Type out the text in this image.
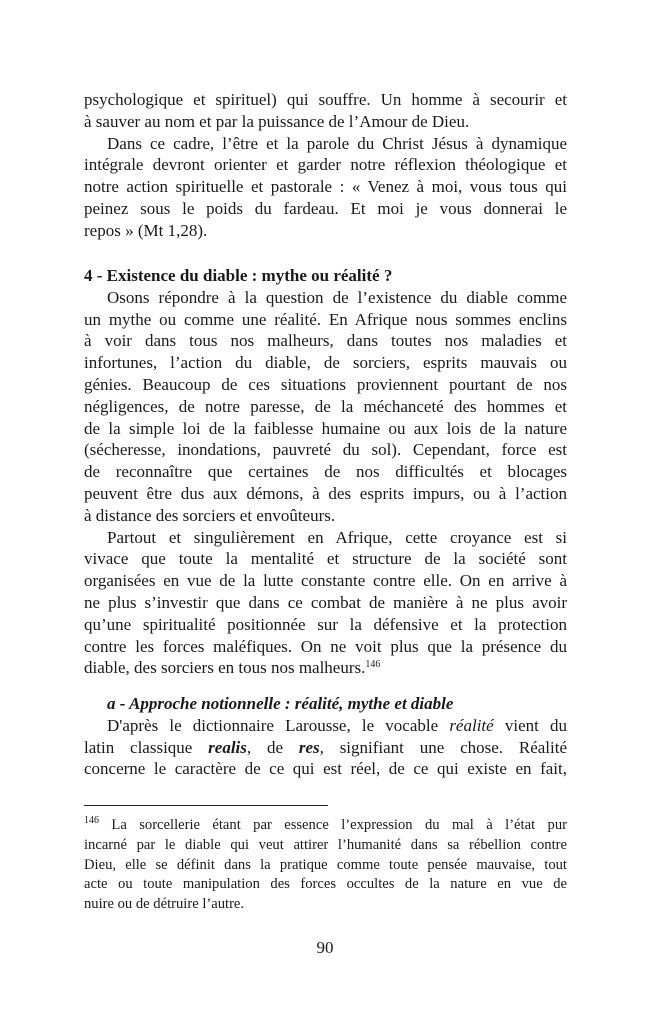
psychologique et spirituel) qui souffre. Un homme à secourir et
à sauver au nom et par la puissance de l’Amour de Dieu.
Dans ce cadre, l’être et la parole du Christ Jésus à dynamique
intégrale devront orienter et garder notre réflexion théologique et
notre action spirituelle et pastorale : « Venez à moi, vous tous qui
peinez sous le poids du fardeau. Et moi je vous donnerai le
repos » (Mt 1,28).
4 - Existence du diable : mythe ou réalité ?
Osons répondre à la question de l’existence du diable comme
un mythe ou comme une réalité. En Afrique nous sommes enclins
à voir dans tous nos malheurs, dans toutes nos maladies et
infortunes, l’action du diable, de sorciers, esprits mauvais ou
génies. Beaucoup de ces situations proviennent pourtant de nos
négligences, de notre paresse, de la méchanceté des hommes et
de la simple loi de la faiblesse humaine ou aux lois de la nature
(sécheresse, inondations, pauvreté du sol). Cependant, force est
de reconnaître que certaines de nos difficultés et blocages
peuvent être dus aux démons, à des esprits impurs, ou à l’action
à distance des sorciers et envoûteurs.
Partout et singulièrement en Afrique, cette croyance est si
vivace que toute la mentalité et structure de la société sont
organisées en vue de la lutte constante contre elle. On en arrive à
ne plus s’investir que dans ce combat de manière à ne plus avoir
qu’une spiritualité positionnée sur la défensive et la protection
contre les forces maléfiques. On ne voit plus que la présence du
diable, des sorciers en tous nos malheurs.$^{146}$
a - Approche notionnelle : réalité, mythe et diable
D'après le dictionnaire Larousse, le vocable réalité vient du
latin classique realis, de res, signifiant une chose. Réalité
concerne le caractère de ce qui est réel, de ce qui existe en fait,
$^{146}$ La sorcellerie étant par essence l’expression du mal à l’état pur
incarné par le diable qui veut attirer l’humanité dans sa rébellion contre
Dieu, elle se définit dans la pratique comme toute pensée mauvaise, tout
acte ou toute manipulation des forces occultes de la nature en vue de
nuire ou de détruire l’autre.
90
